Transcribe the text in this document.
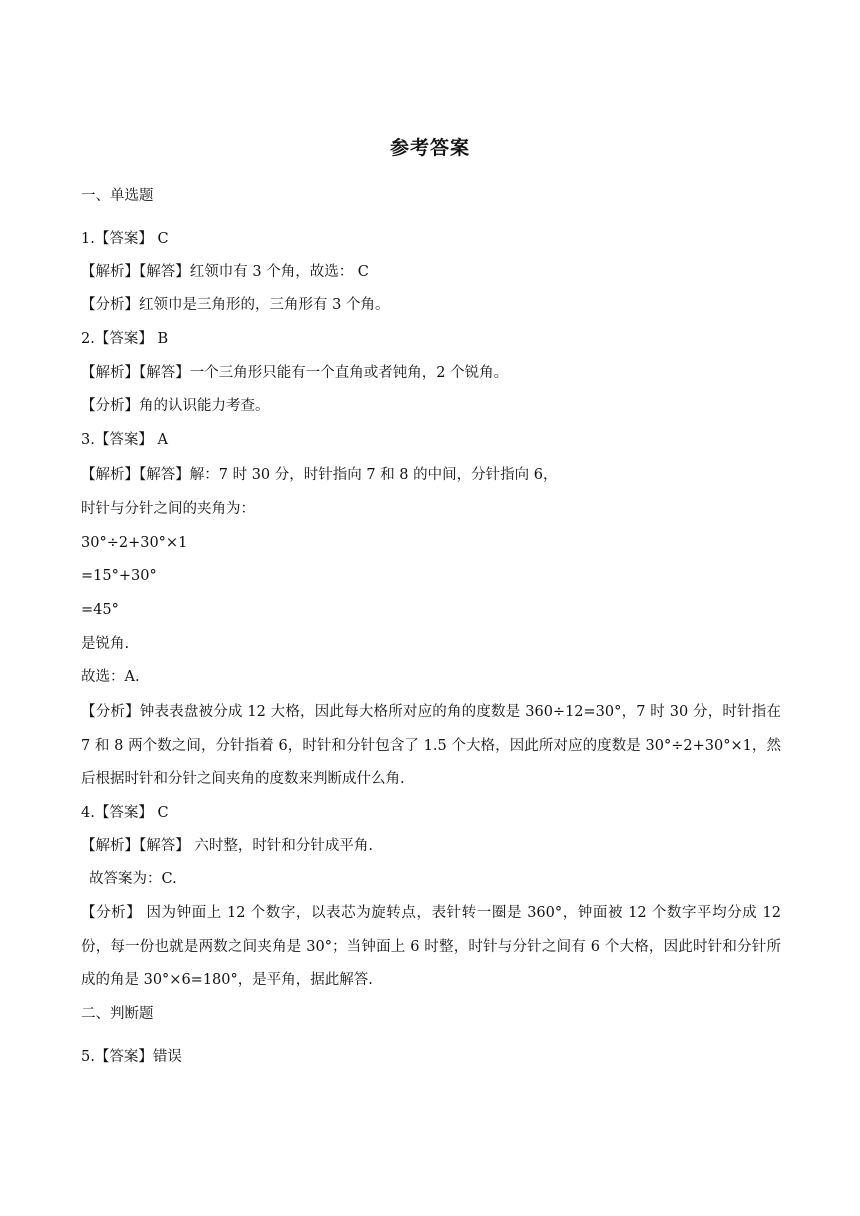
参考答案

一、单选题

1.【答案】 C

【解析】【解答】红领巾有 3 个角，故选： C

【分析】红领巾是三角形的，三角形有 3 个角。

2.【答案】 B

【解析】【解答】一个三角形只能有一个直角或者钝角，2 个锐角。

【分析】角的认识能力考查。

3.【答案】 A

【解析】【解答】解：7 时 30 分，时针指向 7 和 8 的中间，分针指向 6，

时针与分针之间的夹角为：

30°÷2+30°×1

=15°+30°

=45°

是锐角.

故选：A.

【分析】钟表表盘被分成 12 大格，因此每大格所对应的角的度数是 360÷12=30°，7 时 30 分，时针指在 7 和 8 两个数之间，分针指着 6，时针和分针包含了 1.5 个大格，因此所对应的度数是 30°÷2+30°×1，然后根据时针和分针之间夹角的度数来判断成什么角.

4.【答案】 C

【解析】【解答】 六时整，时针和分针成平角.

故答案为：C.

【分析】 因为钟面上 12 个数字，以表芯为旋转点，表针转一圈是 360°，钟面被 12 个数字平均分成 12 份，每一份也就是两数之间夹角是 30°；当钟面上 6 时整，时针与分针之间有 6 个大格，因此时针和分针所成的角是 30°×6=180°，是平角，据此解答.

二、判断题

5.【答案】错误
